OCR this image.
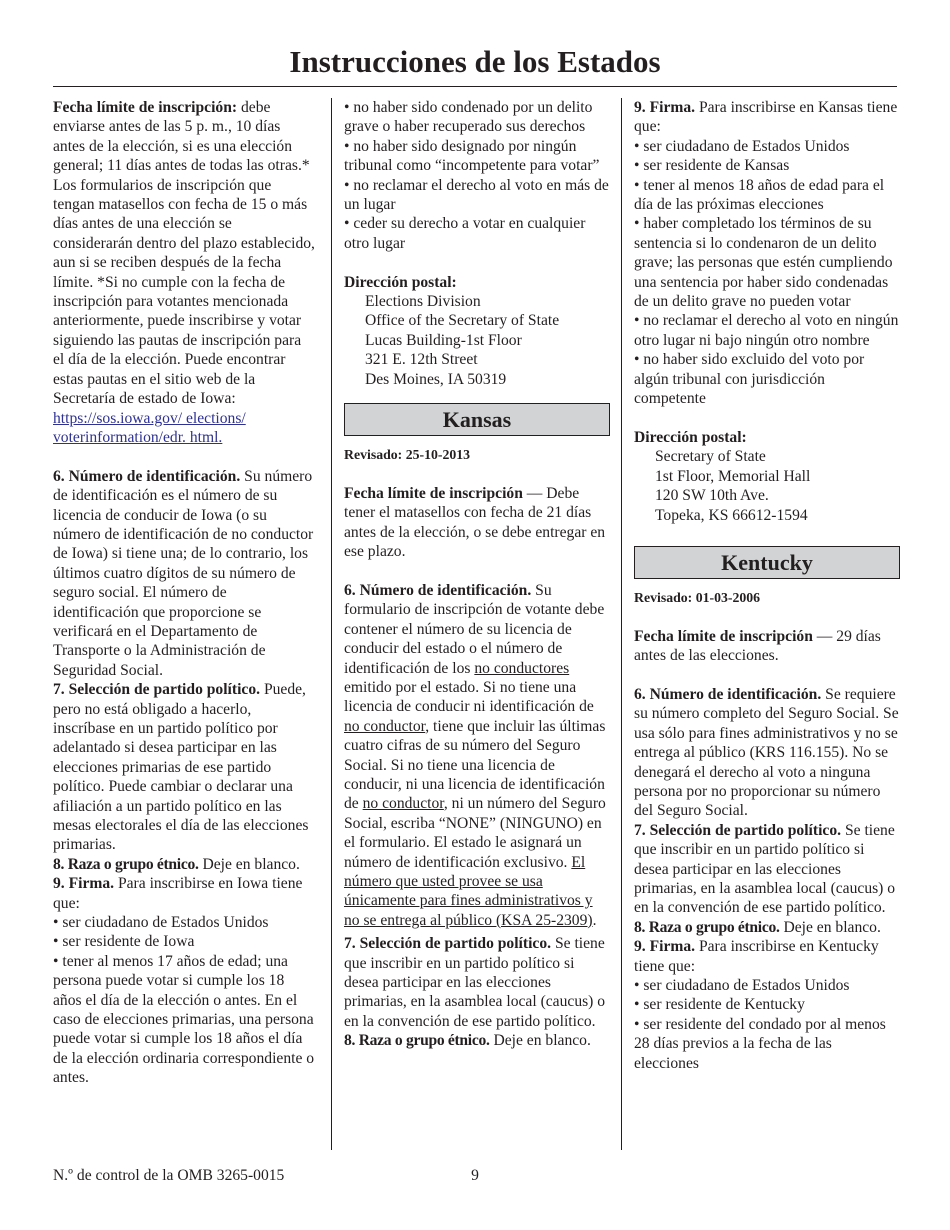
Instrucciones de los Estados

Fecha límite de inscripción: debe enviarse antes de las 5 p. m., 10 días antes de la elección, si es una elección general; 11 días antes de todas las otras.* Los formularios de inscripción que tengan matasellos con fecha de 15 o más días antes de una elección se considerarán dentro del plazo establecido, aun si se reciben después de la fecha límite. *Si no cumple con la fecha de inscripción para votantes mencionada anteriormente, puede inscribirse y votar siguiendo las pautas de inscripción para el día de la elección. Puede encontrar estas pautas en el sitio web de la Secretaría de estado de Iowa: https://sos.iowa.gov/ elections/ voterinformation/edr. html.

6. Número de identificación. Su número de identificación es el número de su licencia de conducir de Iowa (o su número de identificación de no conductor de Iowa) si tiene una; de lo contrario, los últimos cuatro dígitos de su número de seguro social. El número de identificación que proporcione se verificará en el Departamento de Transporte o la Administración de Seguridad Social.

7. Selección de partido político. Puede, pero no está obligado a hacerlo, inscríbase en un partido político por adelantado si desea participar en las elecciones primarias de ese partido político. Puede cambiar o declarar una afiliación a un partido político en las mesas electorales el día de las elecciones primarias.

8. Raza o grupo étnico. Deje en blanco.

9. Firma. Para inscribirse en Iowa tiene que:

• ser ciudadano de Estados Unidos

• ser residente de Iowa

• tener al menos 17 años de edad; una persona puede votar si cumple los 18 años el día de la elección o antes. En el caso de elecciones primarias, una persona puede votar si cumple los 18 años el día de la elección ordinaria correspondiente o antes.

• no haber sido condenado por un delito grave o haber recuperado sus derechos

• no haber sido designado por ningún tribunal como “incompetente para votar”

• no reclamar el derecho al voto en más de un lugar

• ceder su derecho a votar en cualquier otro lugar

Dirección postal:

Elections Division

Office of the Secretary of State

Lucas Building-1st Floor

321 E. 12th Street

Des Moines, IA 50319

Kansas

Revisado: 25-10-2013

Fecha límite de inscripción — Debe tener el matasellos con fecha de 21 días antes de la elección, o se debe entregar en ese plazo.

6. Número de identificación. Su formulario de inscripción de votante debe contener el número de su licencia de conducir del estado o el número de identificación de los no conductores emitido por el estado. Si no tiene una licencia de conducir ni identificación de no conductor, tiene que incluir las últimas cuatro cifras de su número del Seguro Social. Si no tiene una licencia de conducir, ni una licencia de identificación de no conductor, ni un número del Seguro Social, escriba “NONE” (NINGUNO) en el formulario. El estado le asignará un número de identificación exclusivo. El número que usted provee se usa únicamente para fines administrativos y no se entrega al público (KSA 25-2309).

7. Selección de partido político. Se tiene que inscribir en un partido político si desea participar en las elecciones primarias, en la asamblea local (caucus) o en la convención de ese partido político.

8. Raza o grupo étnico. Deje en blanco.

9. Firma. Para inscribirse en Kansas tiene que:

• ser ciudadano de Estados Unidos

• ser residente de Kansas

• tener al menos 18 años de edad para el día de las próximas elecciones

• haber completado los términos de su sentencia si lo condenaron de un delito grave; las personas que estén cumpliendo una sentencia por haber sido condenadas de un delito grave no pueden votar

• no reclamar el derecho al voto en ningún otro lugar ni bajo ningún otro nombre

• no haber sido excluido del voto por algún tribunal con jurisdicción competente

Dirección postal:

Secretary of State

1st Floor, Memorial Hall

120 SW 10th Ave.

Topeka, KS 66612-1594

Kentucky

Revisado: 01-03-2006

Fecha límite de inscripción — 29 días antes de las elecciones.

6. Número de identificación. Se requiere su número completo del Seguro Social. Se usa sólo para fines administrativos y no se entrega al público (KRS 116.155). No se denegará el derecho al voto a ninguna persona por no proporcionar su número del Seguro Social.

7. Selección de partido político. Se tiene que inscribir en un partido político si desea participar en las elecciones primarias, en la asamblea local (caucus) o en la convención de ese partido político.

8. Raza o grupo étnico. Deje en blanco.

9. Firma. Para inscribirse en Kentucky tiene que:

• ser ciudadano de Estados Unidos

• ser residente de Kentucky

• ser residente del condado por al menos 28 días previos a la fecha de las elecciones

N.º de control de la OMB 3265-0015	9
